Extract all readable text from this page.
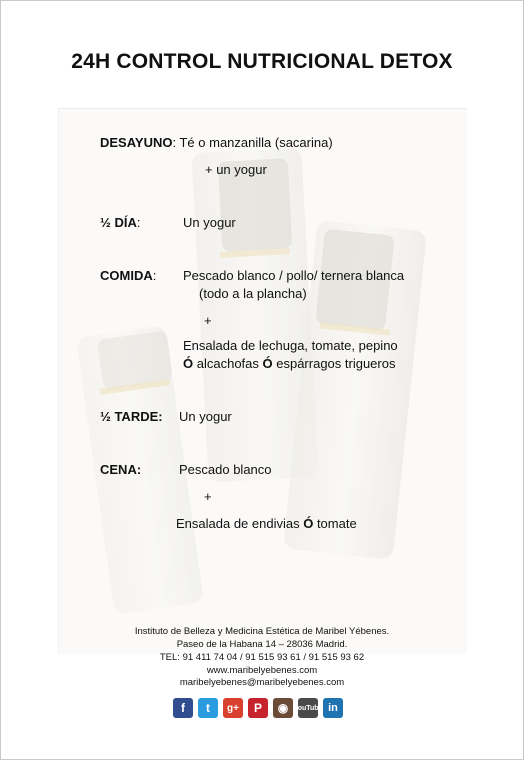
24H CONTROL NUTRICIONAL DETOX
DESAYUNO: Té o manzanilla (sacarina)
+ un yogur
½ DÍA:	Un yogur
COMIDA: Pescado blanco / pollo/ ternera blanca
(todo a la plancha)
+
Ensalada de lechuga, tomate, pepino
Ó alcachofas Ó espárragos trigueros
½ TARDE: Un yogur
CENA:	Pescado blanco
+
Ensalada de endivias Ó tomate
Instituto de Belleza y Medicina Estética de Maribel Yébenes.
Paseo de la Habana 14 – 28036 Madrid.
TEL: 91 411 74 04 / 91 515 93 61 / 91 515 93 62
www.maribelyebenes.com
maribelyebenes@maribelyebenes.com
f	t	g+	P	◉ YouTube in
